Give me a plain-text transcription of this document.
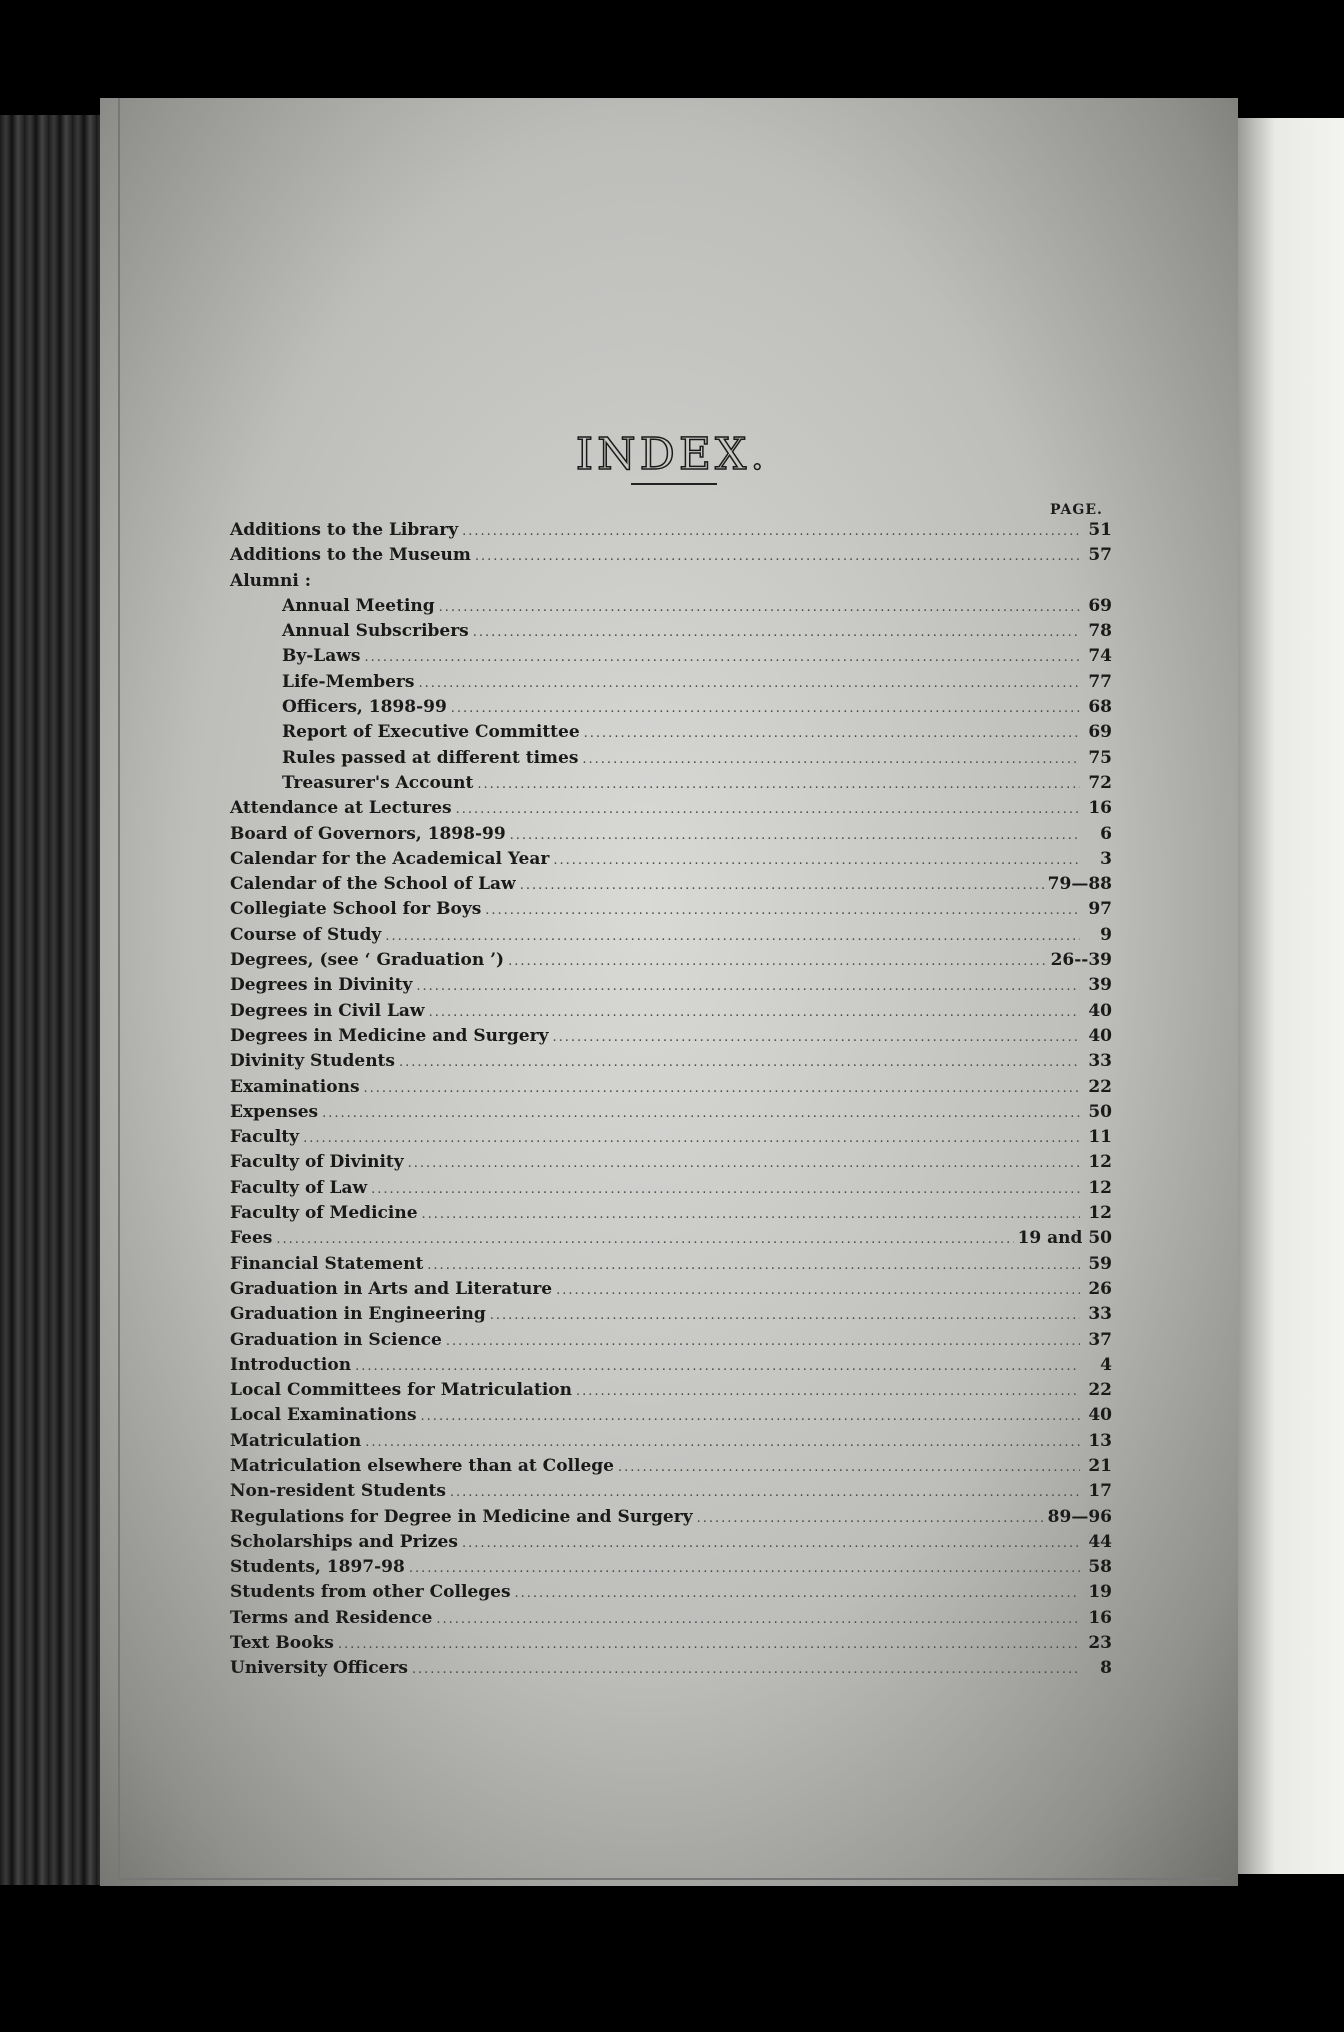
INDEX.
PAGE.
Additions to the Library .....	51
Additions to the Museum .....	57
Alumni :
Annual Meeting .....	69
Annual Subscribers .....	78
By-Laws .....	74
Life-Members .....	77
Officers, 1898-99 .....	68
Report of Executive Committee .....	69
Rules passed at different times .....	75
Treasurer's Account .....	72
Attendance at Lectures .....	16
Board of Governors, 1898-99 .....	6
Calendar for the Academical Year .....	3
Calendar of the School of Law .....	79—88
Collegiate School for Boys .....	97
Course of Study .....	9
Degrees, (see ‘ Graduation ’) .....	26--39
Degrees in Divinity .....	39
Degrees in Civil Law .....	40
Degrees in Medicine and Surgery .....	40
Divinity Students .....	33
Examinations .....	22
Expenses .....	50
Faculty .....	11
Faculty of Divinity .....	12
Faculty of Law .....	12
Faculty of Medicine .....	12
Fees .....	19 and 50
Financial Statement .....	59
Graduation in Arts and Literature .....	26
Graduation in Engineering .....	33
Graduation in Science .....	37
Introduction .....	4
Local Committees for Matriculation .....	22
Local Examinations .....	40
Matriculation .....	13
Matriculation elsewhere than at College .....	21
Non-resident Students .....	17
Regulations for Degree in Medicine and Surgery .....	89—96
Scholarships and Prizes .....	44
Students, 1897-98 .....	58
Students from other Colleges .....	19
Terms and Residence .....	16
Text Books .....	23
University Officers .....	8
